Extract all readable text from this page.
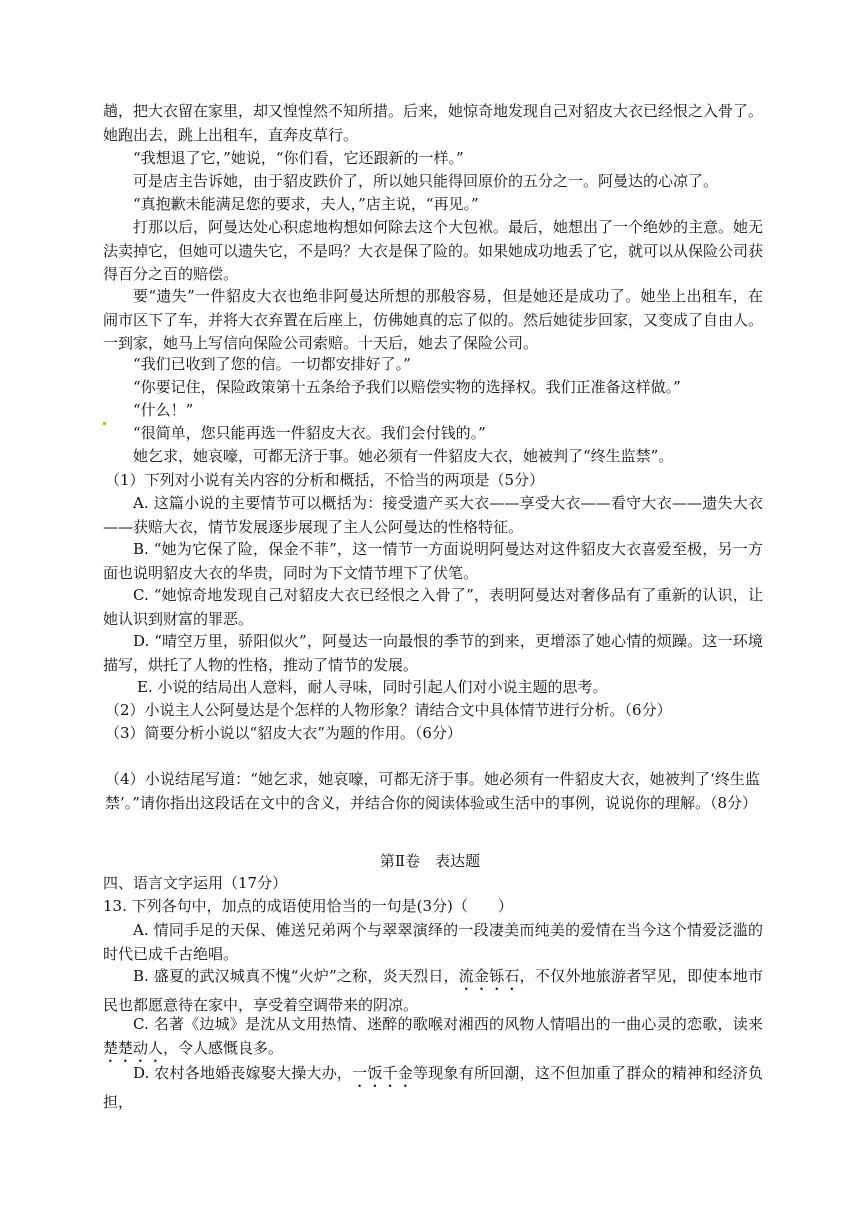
趟，把大衣留在家里，却又惶惶然不知所措。后来，她惊奇地发现自己对貂皮大衣已经恨之入骨了。她跑出去，跳上出租车，直奔皮草行。

“我想退了它，”她说，“你们看，它还跟新的一样。”

可是店主告诉她，由于貂皮跌价了，所以她只能得回原价的五分之一。阿曼达的心凉了。

“真抱歉未能满足您的要求，夫人，”店主说，“再见。”

打那以后，阿曼达处心积虑地构想如何除去这个大包袱。最后，她想出了一个绝妙的主意。她无法卖掉它，但她可以遗失它，不是吗？大衣是保了险的。如果她成功地丢了它，就可以从保险公司获得百分之百的赔偿。

要“遗失”一件貂皮大衣也绝非阿曼达所想的那般容易，但是她还是成功了。她坐上出租车，在闹市区下了车，并将大衣弃置在后座上，仿佛她真的忘了似的。然后她徒步回家，又变成了自由人。一到家，她马上写信向保险公司索赔。十天后，她去了保险公司。

“我们已收到了您的信。一切都安排好了。”

“你要记住，保险政策第十五条给予我们以赔偿实物的选择权。我们正准备这样做。”

“什么！”

“很简单，您只能再选一件貂皮大衣。我们会付钱的。”

她乞求，她哀嚎，可都无济于事。她必须有一件貂皮大衣，她被判了“终生监禁”。

（1）下列对小说有关内容的分析和概括，不恰当的两项是（5分）

A. 这篇小说的主要情节可以概括为：接受遗产买大衣——享受大衣——看守大衣——遗失大衣——获赔大衣，情节发展逐步展现了主人公阿曼达的性格特征。

B. “她为它保了险，保金不菲”，这一情节一方面说明阿曼达对这件貂皮大衣喜爱至极，另一方面也说明貂皮大衣的华贵，同时为下文情节埋下了伏笔。

C. “她惊奇地发现自己对貂皮大衣已经恨之入骨了”，表明阿曼达对奢侈品有了重新的认识，让她认识到财富的罪恶。

D. “晴空万里，骄阳似火”，阿曼达一向最恨的季节的到来，更增添了她心情的烦躁。这一环境描写，烘托了人物的性格，推动了情节的发展。

E. 小说的结局出人意料，耐人寻味，同时引起人们对小说主题的思考。

（2）小说主人公阿曼达是个怎样的人物形象？请结合文中具体情节进行分析。（6分）

（3）简要分析小说以“貂皮大衣”为题的作用。（6分）

（4）小说结尾写道：“她乞求，她哀嚎，可都无济于事。她必须有一件貂皮大衣，她被判了‘终生监禁’。”请你指出这段话在文中的含义，并结合你的阅读体验或生活中的事例，说说你的理解。（8分）

第Ⅱ卷　表达题

四、语言文字运用（17分）

13. 下列各句中，加点的成语使用恰当的一句是(3分)（　　）

A. 情同手足的天保、傩送兄弟两个与翠翠演绎的一段凄美而纯美的爱情在当今这个情爱泛滥的时代已成千古绝唱。

B. 盛夏的武汉城真不愧“火炉”之称，炎天烈日，流金铄石，不仅外地旅游者罕见，即使本地市民也都愿意待在家中，享受着空调带来的阴凉。

C. 名著《边城》是沈从文用热情、迷醉的歌喉对湘西的风物人情唱出的一曲心灵的恋歌，读来楚楚动人，令人感慨良多。

D. 农村各地婚丧嫁娶大操大办，一饭千金等现象有所回潮，这不但加重了群众的精神和经济负担，
